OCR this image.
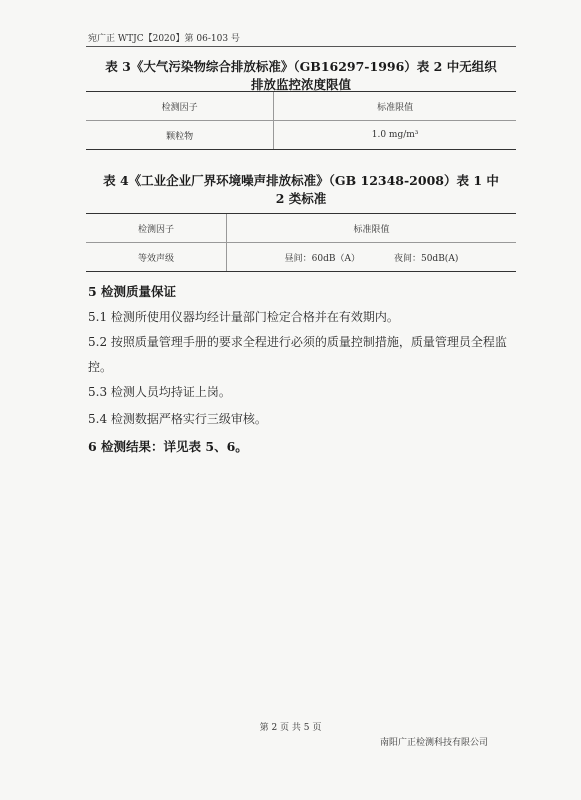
宛广正 WTJC【2020】第 06-103 号
表 3《大气污染物综合排放标准》（GB16297-1996）表 2 中无组织
排放监控浓度限值
检测因子	标准限值
颗粒物	1.0 mg/m³
表 4《工业企业厂界环境噪声排放标准》（GB 12348-2008）表 1 中
2 类标准
检测因子	标准限值
等效声级	昼间：60dB（A） 夜间：50dB(A)
5 检测质量保证
5.1 检测所使用仪器均经计量部门检定合格并在有效期内。
5.2 按照质量管理手册的要求全程进行必须的质量控制措施，质量管理员全程监控。
5.3 检测人员均持证上岗。
5.4 检测数据严格实行三级审核。
6 检测结果：详见表 5、6。
第 2 页 共 5 页
南阳广正检测科技有限公司
